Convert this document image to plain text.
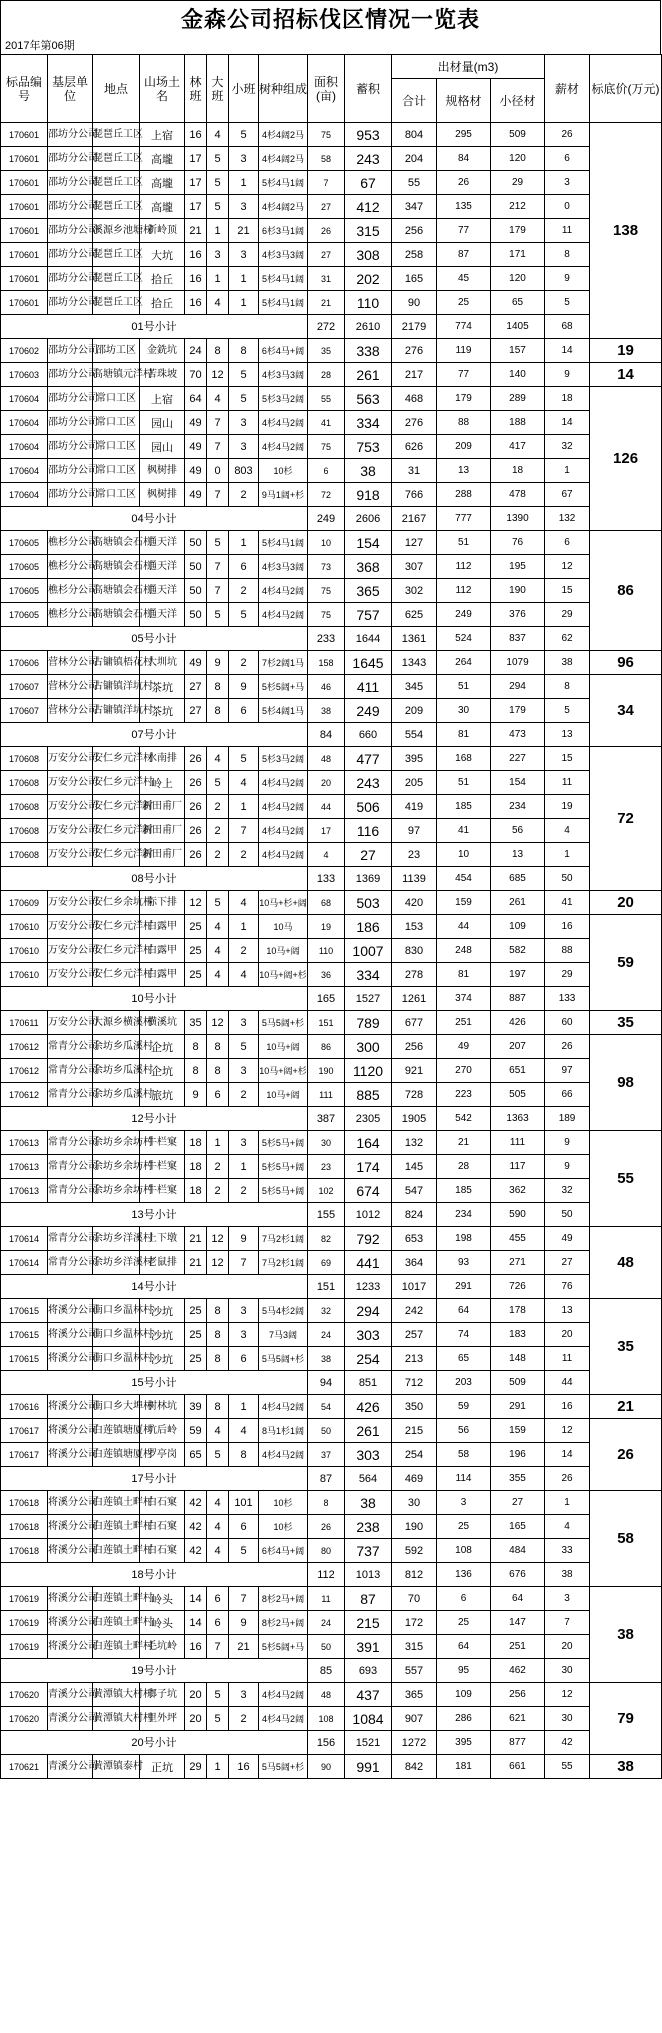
金森公司招标伐区情况一览表
2017年第06期
标品编号	基层单位	地点	山场土名	林班	大班	小班	树种组成	面积(亩)	蓄积	出材量(m3)			薪材	标底价(万元)
										合计	规格材	小径材		
170601	邵坊分公司	琵琶丘工区	上宿	16	4	5	4杉4阔2马	75	953	804	295	509	26	138
170601	邵坊分公司	琵琶丘工区	高壠	17	5	3	4杉4阔2马	58	243	204	84	120	6	
170601	邵坊分公司	琵琶丘工区	高壠	17	5	1	5杉4马1阔	7	67	55	26	29	3	
170601	邵坊分公司	琵琶丘工区	高壠	17	5	3	4杉4阔2马	27	412	347	135	212	0	
170601	邵坊分公司	溪源乡池塘村	新岭顶	21	1	21	6杉3马1阔	26	315	256	77	179	11	
170601	邵坊分公司	琵琶丘工区	大坑	16	3	3	4杉3马3阔	27	308	258	87	171	8	
170601	邵坊分公司	琵琶丘工区	拾丘	16	1	1	5杉4马1阔	31	202	165	45	120	9	
170601	邵坊分公司	琵琶丘工区	拾丘	16	4	1	5杉4马1阔	21	110	90	25	65	5	
01号小计								272	2610	2179	774	1405	68	
170602	邵坊分公司	邵坊工区	金銑坑	24	8	8	6杉4马+阔	35	338	276	119	157	14	19
170603	邵坊分公司	高塘镇元洋村	苦珠坡	70	12	5	4杉3马3阔	28	261	217	77	140	9	14
170604	邵坊分公司	常口工区	上宿	64	4	5	5杉3马2阔	55	563	468	179	289	18	126
170604	邵坊分公司	常口工区	园山	49	7	3	4杉4马2阔	41	334	276	88	188	14	
170604	邵坊分公司	常口工区	园山	49	7	3	4杉4马2阔	75	753	626	209	417	32	
170604	邵坊分公司	常口工区	枫树排	49	0	803	10杉	6	38	31	13	18	1	
170604	邵坊分公司	常口工区	枫树排	49	7	2	9马1阔+杉	72	918	766	288	478	67	
04号小计								249	2606	2167	777	1390	132	
170605	樵杉分公司	高塘镇会石村	通天洋	50	5	1	5杉4马1阔	10	154	127	51	76	6	86
170605	樵杉分公司	高塘镇会石村	通天洋	50	7	6	4杉3马3阔	73	368	307	112	195	12	
170605	樵杉分公司	高塘镇会石村	通天洋	50	7	2	4杉4马2阔	75	365	302	112	190	15	
170605	樵杉分公司	高塘镇会石村	通天洋	50	5	5	4杉4马2阔	75	757	625	249	376	29	
05号小计								233	1644	1361	524	837	62	
170606	营林分公司	古镛镇梧花村	大圳坑	49	9	2	7杉2阔1马	158	1645	1343	264	1079	38	96
170607	营林分公司	古镛镇洋坑村	茶坑	27	8	9	5杉5阔+马	46	411	345	51	294	8	34
170607	营林分公司	古镛镇洋坑村	茶坑	27	8	6	5杉4阔1马	38	249	209	30	179	5	
07号小计								84	660	554	81	473	13	
170608	万安分公司	安仁乡元洋村	水南排	26	4	5	5杉3马2阔	48	477	395	168	227	15	72
170608	万安分公司	安仁乡元洋村	岭上	26	5	4	4杉4马2阔	20	243	205	51	154	11	
170608	万安分公司	安仁乡元洋村	新田甫厂	26	2	1	4杉4马2阔	44	506	419	185	234	19	
170608	万安分公司	安仁乡元洋村	新田甫厂	26	2	7	4杉4马2阔	17	116	97	41	56	4	
170608	万安分公司	安仁乡元洋村	新田甫厂	26	2	2	4杉4马2阔	4	27	23	10	13	1	
08号小计								133	1369	1139	454	685	50	
170609	万安分公司	安仁乡余坑村	际下排	12	5	4	10马+杉+阔	68	503	420	159	261	41	20
170610	万安分公司	安仁乡元洋村	白露甲	25	4	1	10马	19	186	153	44	109	16	59
170610	万安分公司	安仁乡元洋村	白露甲	25	4	2	10马+阔	110	1007	830	248	582	88	
170610	万安分公司	安仁乡元洋村	白露甲	25	4	4	10马+阔+杉	36	334	278	81	197	29	
10号小计								165	1527	1261	374	887	133	
170611	万安分公司	大源乡横溪村	横溪坑	35	12	3	5马5阔+杉	151	789	677	251	426	60	35
170612	常青分公司	余坊乡瓜溪村	企坑	8	8	5	10马+阔	86	300	256	49	207	26	98
170612	常青分公司	余坊乡瓜溪村	企坑	8	8	3	10马+阔+杉	190	1120	921	270	651	97	
170612	常青分公司	余坊乡瓜溪村	旅坑	9	6	2	10马+阔	111	885	728	223	505	66	
12号小计								387	2305	1905	542	1363	189	
170613	常青分公司	余坊乡余坊村	牛栏窠	18	1	3	5杉5马+阔	30	164	132	21	111	9	55
170613	常青分公司	余坊乡余坊村	牛栏窠	18	2	1	5杉5马+阔	23	174	145	28	117	9	
170613	常青分公司	余坊乡余坊村	牛栏窠	18	2	2	5杉5马+阔	102	674	547	185	362	32	
13号小计								155	1012	824	234	590	50	
170614	常青分公司	余坊乡洋溪村	上下墩	21	12	9	7马2杉1阔	82	792	653	198	455	49	48
170614	常青分公司	余坊乡洋溪村	老鼠排	21	12	7	7马2杉1阔	69	441	364	93	271	27	
14号小计								151	1233	1017	291	726	76	
170615	将溪分公司	南口乡温林村	沙坑	25	8	3	5马4杉2阔	32	294	242	64	178	13	35
170615	将溪分公司	南口乡温林村	沙坑	25	8	3	7马3阔	24	303	257	74	183	20	
170615	将溪分公司	南口乡温林村	沙坑	25	8	6	5马5阔+杉	38	254	213	65	148	11	
15号小计								94	851	712	203	509	44	
170616	将溪分公司	南口乡大埠村	树林坑	39	8	1	4杉4马2阔	54	426	350	59	291	16	21
170617	将溪分公司	白莲镇塘厦村	坑后岭	59	4	4	8马1杉1阔	50	261	215	56	159	12	26
170617	将溪分公司	白莲镇塘厦村	罗亭岗	65	5	8	4杉4马2阔	37	303	254	58	196	14	
17号小计								87	564	469	114	355	26	
170618	将溪分公司	白莲镇土畔村	白石窠	42	4	101	10杉	8	38	30	3	27	1	58
170618	将溪分公司	白莲镇土畔村	白石窠	42	4	6	10杉	26	238	190	25	165	4	
170618	将溪分公司	白莲镇土畔村	白石窠	42	4	5	6杉4马+阔	80	737	592	108	484	33	
18号小计								112	1013	812	136	676	38	
170619	将溪分公司	白莲镇土畔村	岭头	14	6	7	8杉2马+阔	11	87	70	6	64	3	38
170619	将溪分公司	白莲镇土畔村	岭头	14	6	9	8杉2马+阔	24	215	172	25	147	7	
170619	将溪分公司	白莲镇土畔村	毛坑岭	16	7	21	5杉5阔+马	50	391	315	64	251	20	
19号小计								85	693	557	95	462	30	
170620	青溪分公司	黄潭镇大村村	瑯子坑	20	5	3	4杉4马2阔	48	437	365	109	256	12	79
170620	青溪分公司	黄潭镇大村村	里外坪	20	5	2	4杉4马2阔	108	1084	907	286	621	30	
20号小计								156	1521	1272	395	877	42	
170621	青溪分公司	黄潭镇泰村	正坑	29	1	16	5马5阔+杉	90	991	842	181	661	55	38
